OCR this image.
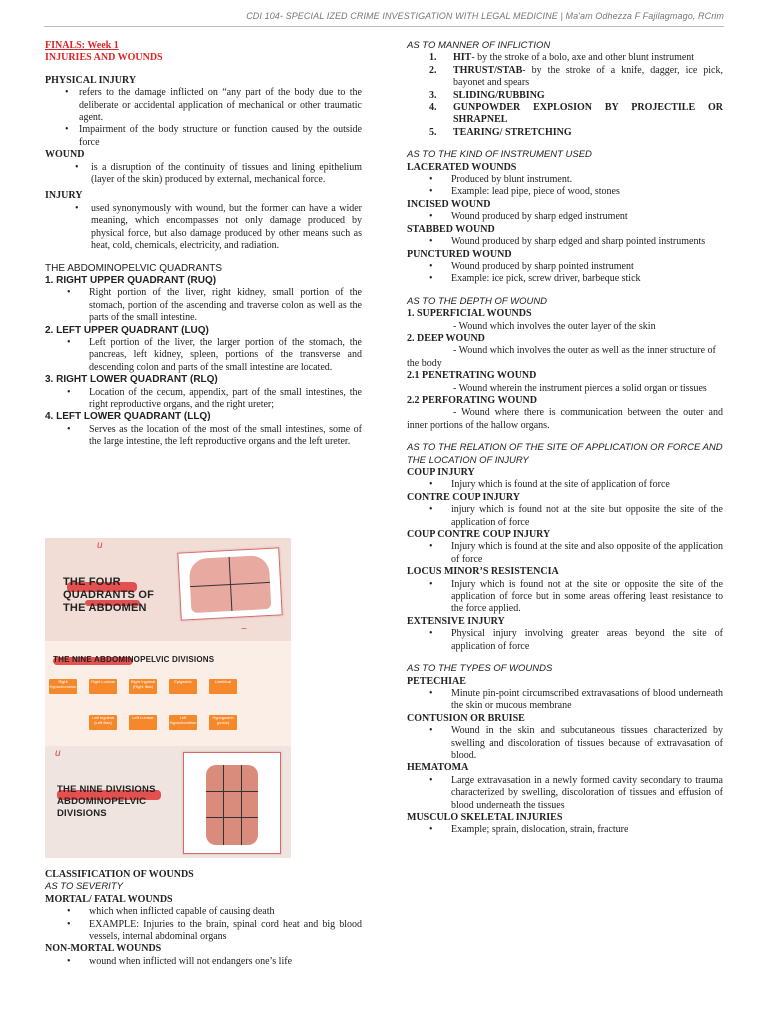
CDI 104- SPECIAL IZED CRIME INVESTIGATION WITH LEGAL MEDICINE | Ma'am Odhezza F Fajilagmago, RCrim
FINALS: Week 1
INJURIES AND WOUNDS
PHYSICAL INJURY
• refers to the damage inflicted on “any part of the body due to the deliberate or accidental application of mechanical or other traumatic agent.
• Impairment of the body structure or function caused by the outside force
WOUND
• is a disruption of the continuity of tissues and lining epithelium (layer of the skin) produced by external, mechanical force.
INJURY
• used synonymously with wound, but the former can have a wider meaning, which encompasses not only damage produced by physical force, but also damage produced by other means such as heat, cold, chemicals, electricity, and radiation.
THE ABDOMINOPELVIC QUADRANTS
1. RIGHT UPPER QUADRANT (RUQ)
• Right portion of the liver, right kidney, small portion of the stomach, portion of the ascending and traverse colon as well as the parts of the small intestine.
2. LEFT UPPER QUADRANT (LUQ)
• Left portion of the liver, the larger portion of the stomach, the pancreas, left kidney, spleen, portions of the transverse and descending colon and parts of the small intestine are located.
3. RIGHT LOWER QUADRANT (RLQ)
• Location of the cecum, appendix, part of the small intestines, the right reproductive organs, and the right ureter;
4. LEFT LOWER QUADRANT (LLQ)
• Serves as the location of the most of the small intestines, some of the large intestine, the left reproductive organs and the left ureter.
THE FOUR QUADRANTS OF THE ABDOMEN
u
~
THE NINE ABDOMINOPELVIC DIVISIONS
Right Hypochondriac
Right Lumbar	Right Inguinal (Right Iliac)
Epigastric	Umbilical
Left Inguinal (Left Iliac)
Left Lumbar	Left Hypochondriac
Hypogastric (pubic)
THE NINE DIVISIONS ABDOMINOPELVIC DIVISIONS
u
CLASSIFICATION OF WOUNDS
AS TO SEVERITY
MORTAL/ FATAL WOUNDS
• which when inflicted capable of causing death
• EXAMPLE: Injuries to the brain, spinal cord heat and big blood vessels, internal abdominal organs
NON-MORTAL WOUNDS
• wound when inflicted will not endangers one’s life
AS TO MANNER OF INFLICTION
1. HIT- by the stroke of a bolo, axe and other blunt instrument
2. THRUST/STAB- by the stroke of a knife, dagger, ice pick, bayonet and spears
3. SLIDING/RUBBING
4. GUNPOWDER EXPLOSION BY PROJECTILE OR SHRAPNEL
5. TEARING/ STRETCHING
AS TO THE KIND OF INSTRUMENT USED
LACERATED WOUNDS
• Produced by blunt instrument.
• Example: lead pipe, piece of wood, stones
INCISED WOUND
• Wound produced by sharp edged instrument
STABBED WOUND
• Wound produced by sharp edged and sharp pointed instruments
PUNCTURED WOUND
• Wound produced by sharp pointed instrument
• Example: ice pick, screw driver, barbeque stick
AS TO THE DEPTH OF WOUND
1. SUPERFICIAL WOUNDS
- Wound which involves the outer layer of the skin
2. DEEP WOUND
- Wound which involves the outer as well as the inner structure of the body
2.1 PENETRATING WOUND
- Wound wherein the instrument pierces a solid organ or tissues
2.2 PERFORATING WOUND
- Wound where there is communication between the outer and inner portions of the hallow organs.
AS TO THE RELATION OF THE SITE OF APPLICATION OR FORCE AND THE LOCATION OF INJURY
COUP INJURY
• Injury which is found at the site of application of force
CONTRE COUP INJURY
• injury which is found not at the site but opposite the site of the application of force
COUP CONTRE COUP INJURY
• Injury which is found at the site and also opposite of the application of force
LOCUS MINOR’S RESISTENCIA
• Injury which is found not at the site or opposite the site of the application of force but in some areas offering least resistance to the force applied.
EXTENSIVE INJURY
• Physical injury involving greater areas beyond the site of application of force
AS TO THE TYPES OF WOUNDS
PETECHIAE
• Minute pin-point circumscribed extravasations of blood underneath the skin or mucous membrane
CONTUSION OR BRUISE
• Wound in the skin and subcutaneous tissues characterized by swelling and discoloration of tissues because of extravasation of blood.
HEMATOMA
• Large extravasation in a newly formed cavity secondary to trauma characterized by swelling, discoloration of tissues and effusion of blood underneath the tissues
MUSCULO SKELETAL INJURIES
• Example; sprain, dislocation, strain, fracture
